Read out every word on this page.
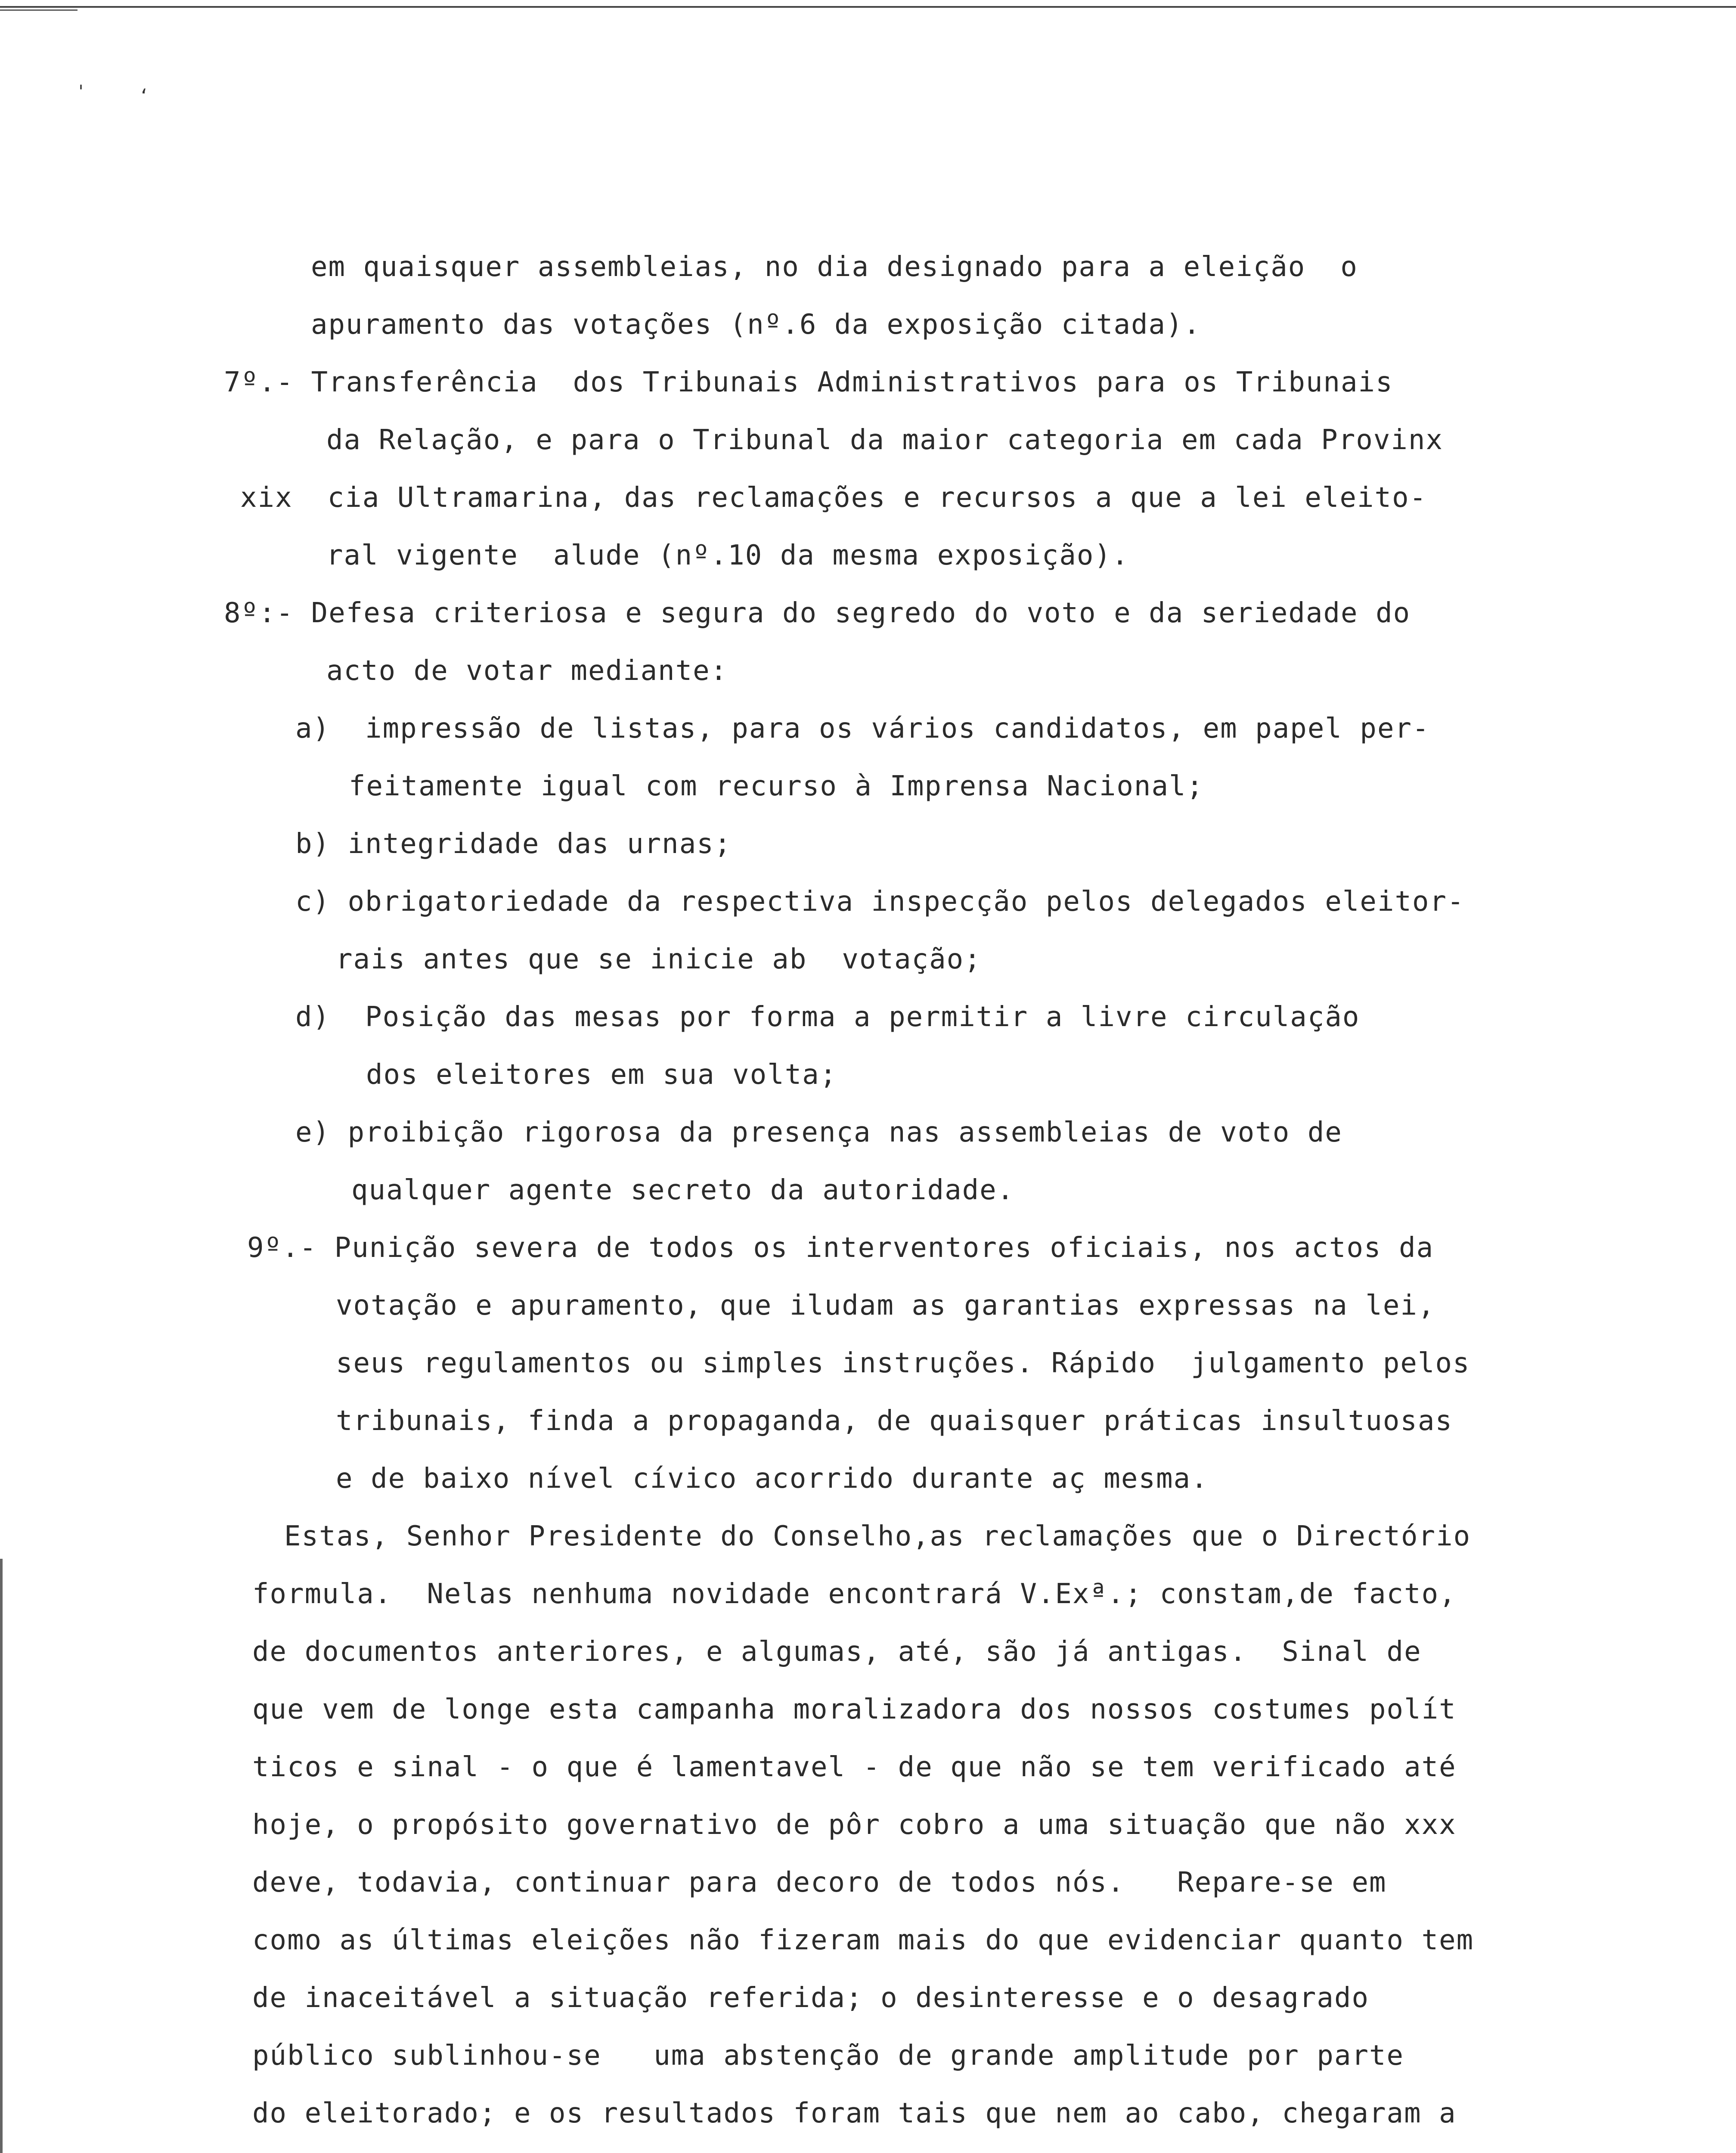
'	‘
em quaisquer assembleias, no dia designado para a eleição  o
apuramento das votações (nº.6 da exposição citada).
7º.- Transferência  dos Tribunais Administrativos para os Tribunais
da Relação, e para o Tribunal da maior categoria em cada Provinx
xix  cia Ultramarina, das reclamações e recursos a que a lei eleito-
ral vigente  alude (nº.10 da mesma exposição).
8º:- Defesa criteriosa e segura do segredo do voto e da seriedade do
acto de votar mediante:
a)  impressão de listas, para os vários candidatos, em papel per-
feitamente igual com recurso à Imprensa Nacional;
b) integridade das urnas;
c) obrigatoriedade da respectiva inspecção pelos delegados eleitor-
rais antes que se inicie ab  votação;
d)  Posição das mesas por forma a permitir a livre circulação
dos eleitores em sua volta;
e) proibição rigorosa da presença nas assembleias de voto de
qualquer agente secreto da autoridade.
9º.- Punição severa de todos os interventores oficiais, nos actos da
votação e apuramento, que iludam as garantias expressas na lei,
seus regulamentos ou simples instruções. Rápido  julgamento pelos
tribunais, finda a propaganda, de quaisquer práticas insultuosas
e de baixo nível cívico acorrido durante aç mesma.
Estas, Senhor Presidente do Conselho,as reclamações que o Directório
formula.  Nelas nenhuma novidade encontrará V.Exª.; constam,de facto,
de documentos anteriores, e algumas, até, são já antigas.  Sinal de
que vem de longe esta campanha moralizadora dos nossos costumes polít
ticos e sinal - o que é lamentavel - de que não se tem verificado até
hoje, o propósito governativo de pôr cobro a uma situação que não xxx
deve, todavia, continuar para decoro de todos nós.   Repare-se em
como as últimas eleições não fizeram mais do que evidenciar quanto tem
de inaceitável a situação referida; o desinteresse e o desagrado
público sublinhou-se   uma abstenção de grande amplitude por parte
do eleitorado; e os resultados foram tais que nem ao cabo, chegaram a
